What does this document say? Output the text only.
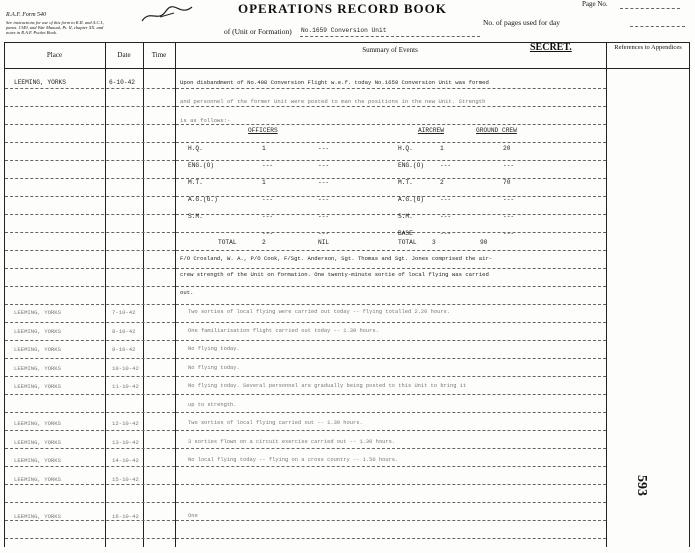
R.A.F. Form 540
See instructions for use of this form in K.R. and A.C.I.,
paras. 1349, and War Manual, Pt. II, chapter XX. and
notes in R.A.F. Pocket Book.
OPERATIONS RECORD BOOK	Page No.
No. of pages used for day
of (Unit or Formation) No.1659 Conversion Unit
Place	Date	Time
Summary of Events	SECRET.	References to Appendices
LEEMING, YORKS	6-10-42	Upon disbandment of No.408 Conversion Flight w.e.f. today No.1659 Conversion Unit was formed
and personnel of the former Unit were posted to man the positions in the new Unit. Strength
is as follows:-
OFFICERS	AIRCREW	GROUND CREW
H.Q.	1	---	H.Q.	1	20
ENG.(O)	---	---	ENG.(O)	---	---
M.T.	1	---	M.T.	2	70
A.G.(G.)	---	---	A.G.(G)	---	---
S.M.	---	---	S.M.	---	---
---	---	BASE	---	---
TOTAL	2	NIL	TOTAL 3	90
F/O Crosland, W. A., P/O Cook, F/Sgt. Anderson, Sgt. Thomas and Sgt. Jones comprised the air-
crew strength of the Unit on formation. One twenty-minute sortie of local flying was carried
out.
LEEMING, YORKS	7-10-42	Two sorties of local flying were carried out today -- flying totalled 2.20 hours.
LEEMING, YORKS	8-10-42	One familiarisation flight carried out today -- 1.30 hours.
LEEMING, YORKS	9-10-42	No flying today.
LEEMING, YORKS	10-10-42	No flying today.
LEEMING, YORKS	11-10-42	No flying today. Several personnel are gradually being posted to this Unit to bring it
up to strength.
LEEMING, YORKS	12-10-42	Two sorties of local flying carried out -- 1.30 hours.
LEEMING, YORKS	13-10-42	3 sorties flown on a circuit exercise carried out -- 1.30 hours.
LEEMING, YORKS	14-10-42	No local flying today -- flying on a cross country -- 1.50 hours.
LEEMING, YORKS	15-10-42
LEEMING, YORKS	16-10-42	One
593
